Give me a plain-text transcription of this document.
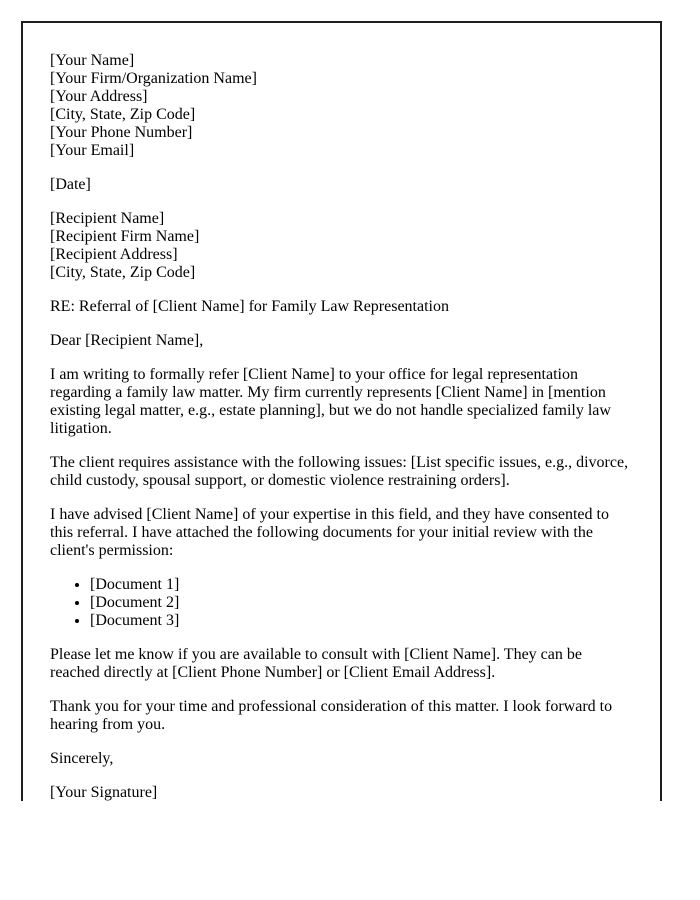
[Your Name]
[Your Firm/Organization Name]
[Your Address]
[City, State, Zip Code]
[Your Phone Number]
[Your Email]

[Date]

[Recipient Name]
[Recipient Firm Name]
[Recipient Address]
[City, State, Zip Code]

RE: Referral of [Client Name] for Family Law Representation

Dear [Recipient Name],

I am writing to formally refer [Client Name] to your office for legal representation regarding a family law matter. My firm currently represents [Client Name] in [mention existing legal matter, e.g., estate planning], but we do not handle specialized family law litigation.

The client requires assistance with the following issues: [List specific issues, e.g., divorce, child custody, spousal support, or domestic violence restraining orders].

I have advised [Client Name] of your expertise in this field, and they have consented to this referral. I have attached the following documents for your initial review with the client's permission:

• [Document 1]
• [Document 2]
• [Document 3]

Please let me know if you are available to consult with [Client Name]. They can be reached directly at [Client Phone Number] or [Client Email Address].

Thank you for your time and professional consideration of this matter. I look forward to hearing from you.

Sincerely,

[Your Signature]
